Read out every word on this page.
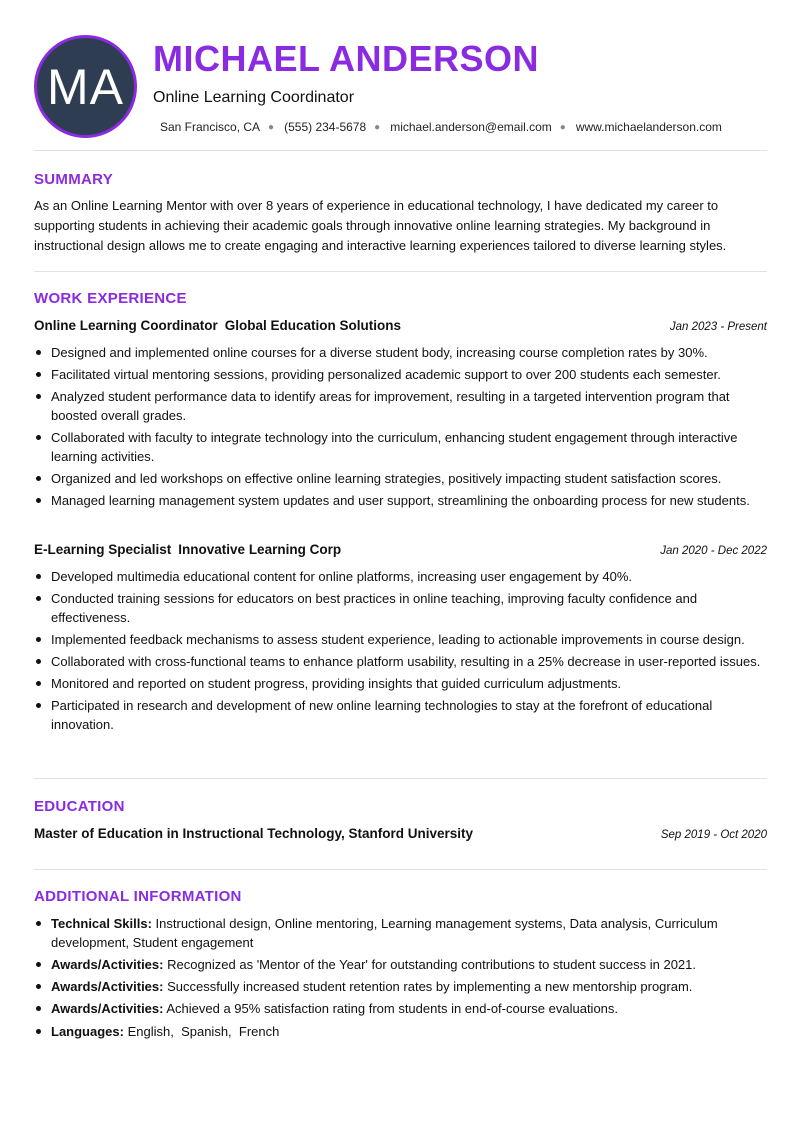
MA MICHAEL ANDERSON
Online Learning Coordinator
San Francisco, CA ● (555) 234-5678 ● michael.anderson@email.com ● www.michaelanderson.com
SUMMARY
As an Online Learning Mentor with over 8 years of experience in educational technology, I have dedicated my career to supporting students in achieving their academic goals through innovative online learning strategies. My background in instructional design allows me to create engaging and interactive learning experiences tailored to diverse learning styles.
WORK EXPERIENCE
Online Learning Coordinator Global Education Solutions	Jan 2023 - Present
Designed and implemented online courses for a diverse student body, increasing course completion rates by 30%.
Facilitated virtual mentoring sessions, providing personalized academic support to over 200 students each semester.
Analyzed student performance data to identify areas for improvement, resulting in a targeted intervention program that boosted overall grades.
Collaborated with faculty to integrate technology into the curriculum, enhancing student engagement through interactive learning activities.
Organized and led workshops on effective online learning strategies, positively impacting student satisfaction scores.
Managed learning management system updates and user support, streamlining the onboarding process for new students.
E-Learning Specialist Innovative Learning Corp	Jan 2020 - Dec 2022
Developed multimedia educational content for online platforms, increasing user engagement by 40%.
Conducted training sessions for educators on best practices in online teaching, improving faculty confidence and effectiveness.
Implemented feedback mechanisms to assess student experience, leading to actionable improvements in course design.
Collaborated with cross-functional teams to enhance platform usability, resulting in a 25% decrease in user-reported issues.
Monitored and reported on student progress, providing insights that guided curriculum adjustments.
Participated in research and development of new online learning technologies to stay at the forefront of educational innovation.
EDUCATION
Master of Education in Instructional Technology, Stanford University	Sep 2019 - Oct 2020
ADDITIONAL INFORMATION
Technical Skills: Instructional design, Online mentoring, Learning management systems, Data analysis, Curriculum development, Student engagement
Awards/Activities: Recognized as 'Mentor of the Year' for outstanding contributions to student success in 2021.
Awards/Activities: Successfully increased student retention rates by implementing a new mentorship program.
Awards/Activities: Achieved a 95% satisfaction rating from students in end-of-course evaluations.
Languages: English,  Spanish,  French
